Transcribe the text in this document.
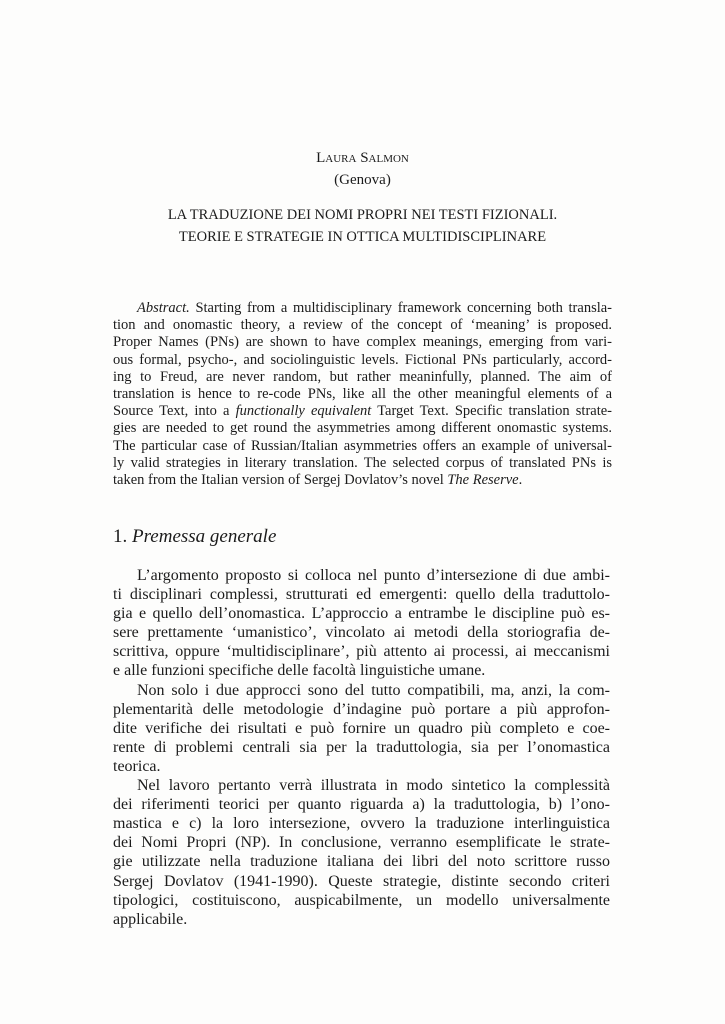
Laura Salmon
(Genova)
LA TRADUZIONE DEI NOMI PROPRI NEI TESTI FIZIONALI.
TEORIE E STRATEGIE IN OTTICA MULTIDISCIPLINARE
Abstract. Starting from a multidisciplinary framework concerning both transla-
tion and onomastic theory, a review of the concept of ‘meaning’ is proposed.
Proper Names (PNs) are shown to have complex meanings, emerging from vari-
ous formal, psycho-, and sociolinguistic levels. Fictional PNs particularly, accord-
ing to Freud, are never random, but rather meaninfully, planned. The aim of
translation is hence to re-code PNs, like all the other meaningful elements of a
Source Text, into a functionally equivalent Target Text. Specific translation strate-
gies are needed to get round the asymmetries among different onomastic systems.
The particular case of Russian/Italian asymmetries offers an example of universal-
ly valid strategies in literary translation. The selected corpus of translated PNs is
taken from the Italian version of Sergej Dovlatov’s novel The Reserve.
1. Premessa generale
L’argomento proposto si colloca nel punto d’intersezione di due ambi-
ti disciplinari complessi, strutturati ed emergenti: quello della traduttolo-
gia e quello dell’onomastica. L’approccio a entrambe le discipline può es-
sere prettamente ‘umanistico’, vincolato ai metodi della storiografia de-
scrittiva, oppure ‘multidisciplinare’, più attento ai processi, ai meccanismi
e alle funzioni specifiche delle facoltà linguistiche umane.
Non solo i due approcci sono del tutto compatibili, ma, anzi, la com-
plementarità delle metodologie d’indagine può portare a più approfon-
dite verifiche dei risultati e può fornire un quadro più completo e coe-
rente di problemi centrali sia per la traduttologia, sia per l’onomastica
teorica.
Nel lavoro pertanto verrà illustrata in modo sintetico la complessità
dei riferimenti teorici per quanto riguarda a) la traduttologia, b) l’ono-
mastica e c) la loro intersezione, ovvero la traduzione interlinguistica
dei Nomi Propri (NP). In conclusione, verranno esemplificate le strate-
gie utilizzate nella traduzione italiana dei libri del noto scrittore russo
Sergej Dovlatov (1941-1990). Queste strategie, distinte secondo criteri
tipologici, costituiscono, auspicabilmente, un modello universalmente
applicabile.
